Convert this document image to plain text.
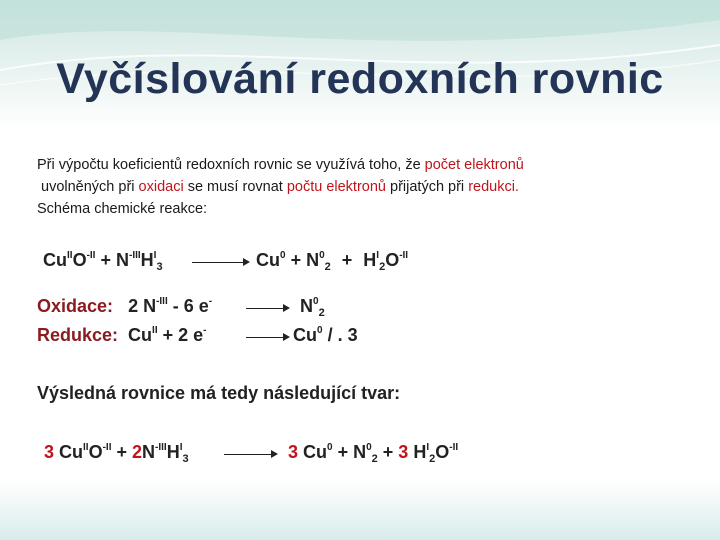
Vyčíslování redoxních rovnic
Při výpočtu koeficientů redoxních rovnic se využívá toho, že počet elektronů
uvolněných při oxidaci se musí rovnat počtu elektronů přijatých při redukci.
Schéma chemické reakce:
$Cu^{II}O^{-II} + N^{-III}H^I_3 \to Cu^0 + N^0_2 + H^I_2O^{-II}$
Oxidace: 2 $N^{-III} - 6$ e-	$N^0_2$
Redukce: $Cu^{II} + 2$ e-	Cu$^0$ / . 3
Výsledná rovnice má tedy následující tvar:
3 $Cu^{II}O^{-II} + 2N^{-III}H^I_3$	3 $Cu^0 + N^0_2 + 3$ $H^I_2O^{-II}$
